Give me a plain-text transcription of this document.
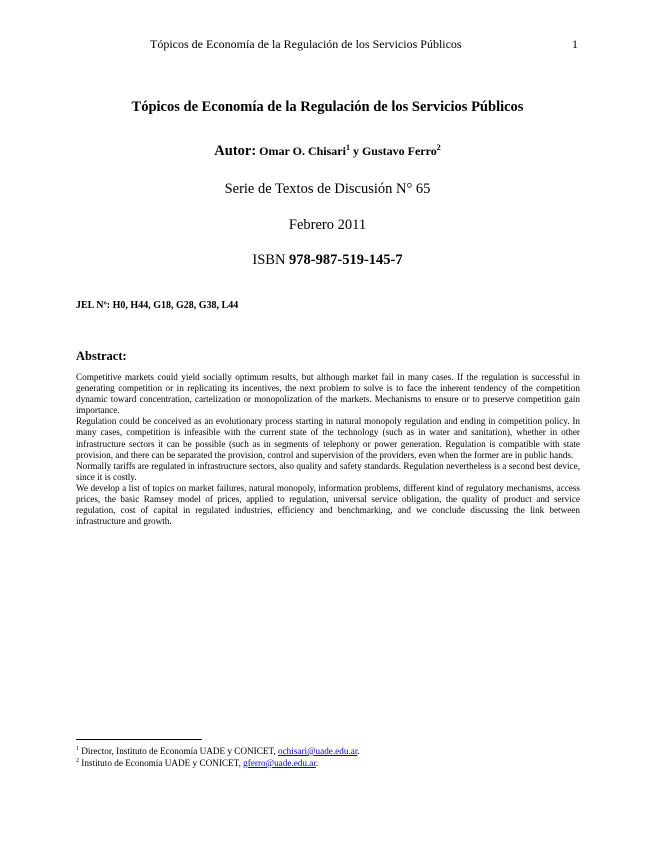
Tópicos de Economía de la Regulación de los Servicios Públicos	1
Tópicos de Economía de la Regulación de los Servicios Públicos
Autor: Omar O. Chisari$^1$ y Gustavo Ferro$^2$
Serie de Textos de Discusión N° 65
Febrero 2011
ISBN 978-987-519-145-7
JEL Nº: H0, H44, G18, G28, G38, L44
Abstract:

Competitive markets could yield socially optimum results, but although market fail in many cases. If the regulation is successful in generating competition or in replicating its incentives, the next problem to solve is to face the inherent tendency of the competition dynamic toward concentration, cartelization or monopolization of the markets. Mechanisms to ensure or to preserve competition gain importance.

Regulation could be conceived as an evolutionary process starting in natural monopoly regulation and ending in competition policy. In many cases, competition is infeasible with the current state of the technology (such as in water and sanitation), whether in other infrastructure sectors it can be possible (such as in segments of telephony or power generation. Regulation is compatible with state provision, and there can be separated the provision, control and supervision of the providers, even when the former are in public hands.

Normally tariffs are regulated in infrastructure sectors, also quality and safety standards. Regulation nevertheless is a second best device, since it is costly.

We develop a list of topics on market failures, natural monopoly, information problems, different kind of regulatory mechanisms, access prices, the basic Ramsey model of prices, applied to regulation, universal service obligation, the quality of product and service regulation, cost of capital in regulated industries, efficiency and benchmarking, and we conclude discussing the link between infrastructure and growth.

$^1$ Director, Instituto de Economía UADE y CONICET, ochisari@uade.edu.ar.

$^2$ Instituto de Economía UADE y CONICET, gferro@uade.edu.ar.
